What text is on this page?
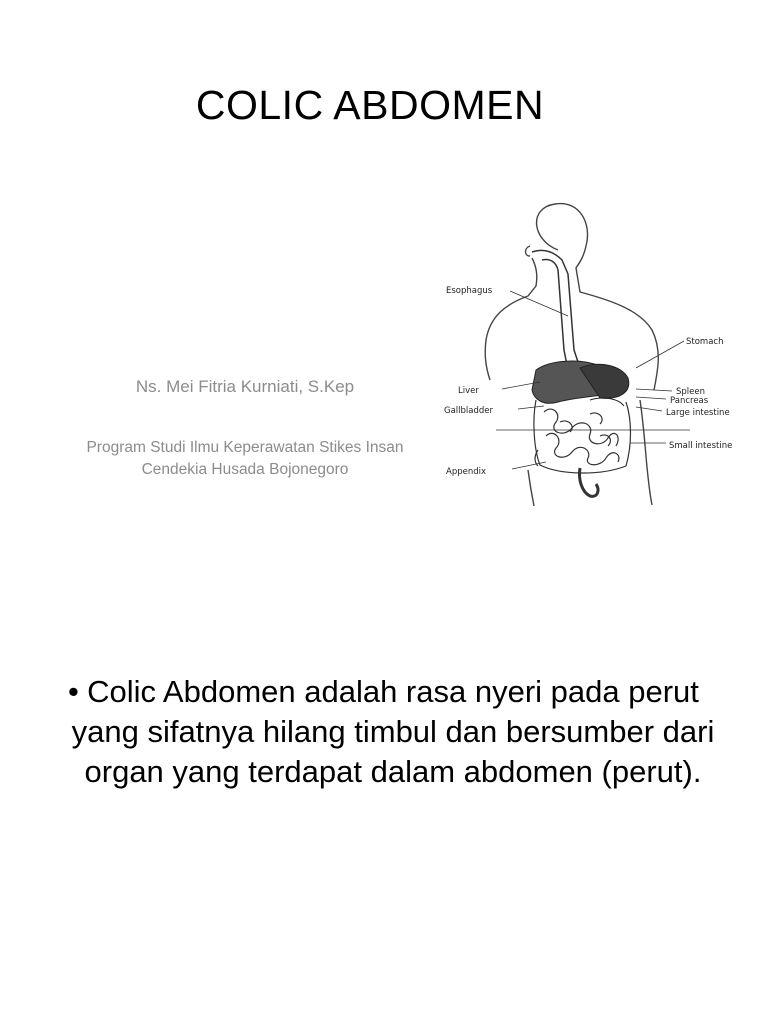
COLIC ABDOMEN
Ns. Mei Fitria Kurniati, S.Kep
Program Studi Ilmu Keperawatan Stikes Insan
Cendekia Husada Bojonegoro
Esophagus
Stomach
Liver
Gallbladder
Spleen
Pancreas
Large intestine
Small intestine
Appendix
• Colic Abdomen adalah rasa nyeri pada perut yang sifatnya hilang timbul dan bersumber dari organ yang terdapat dalam abdomen (perut).
